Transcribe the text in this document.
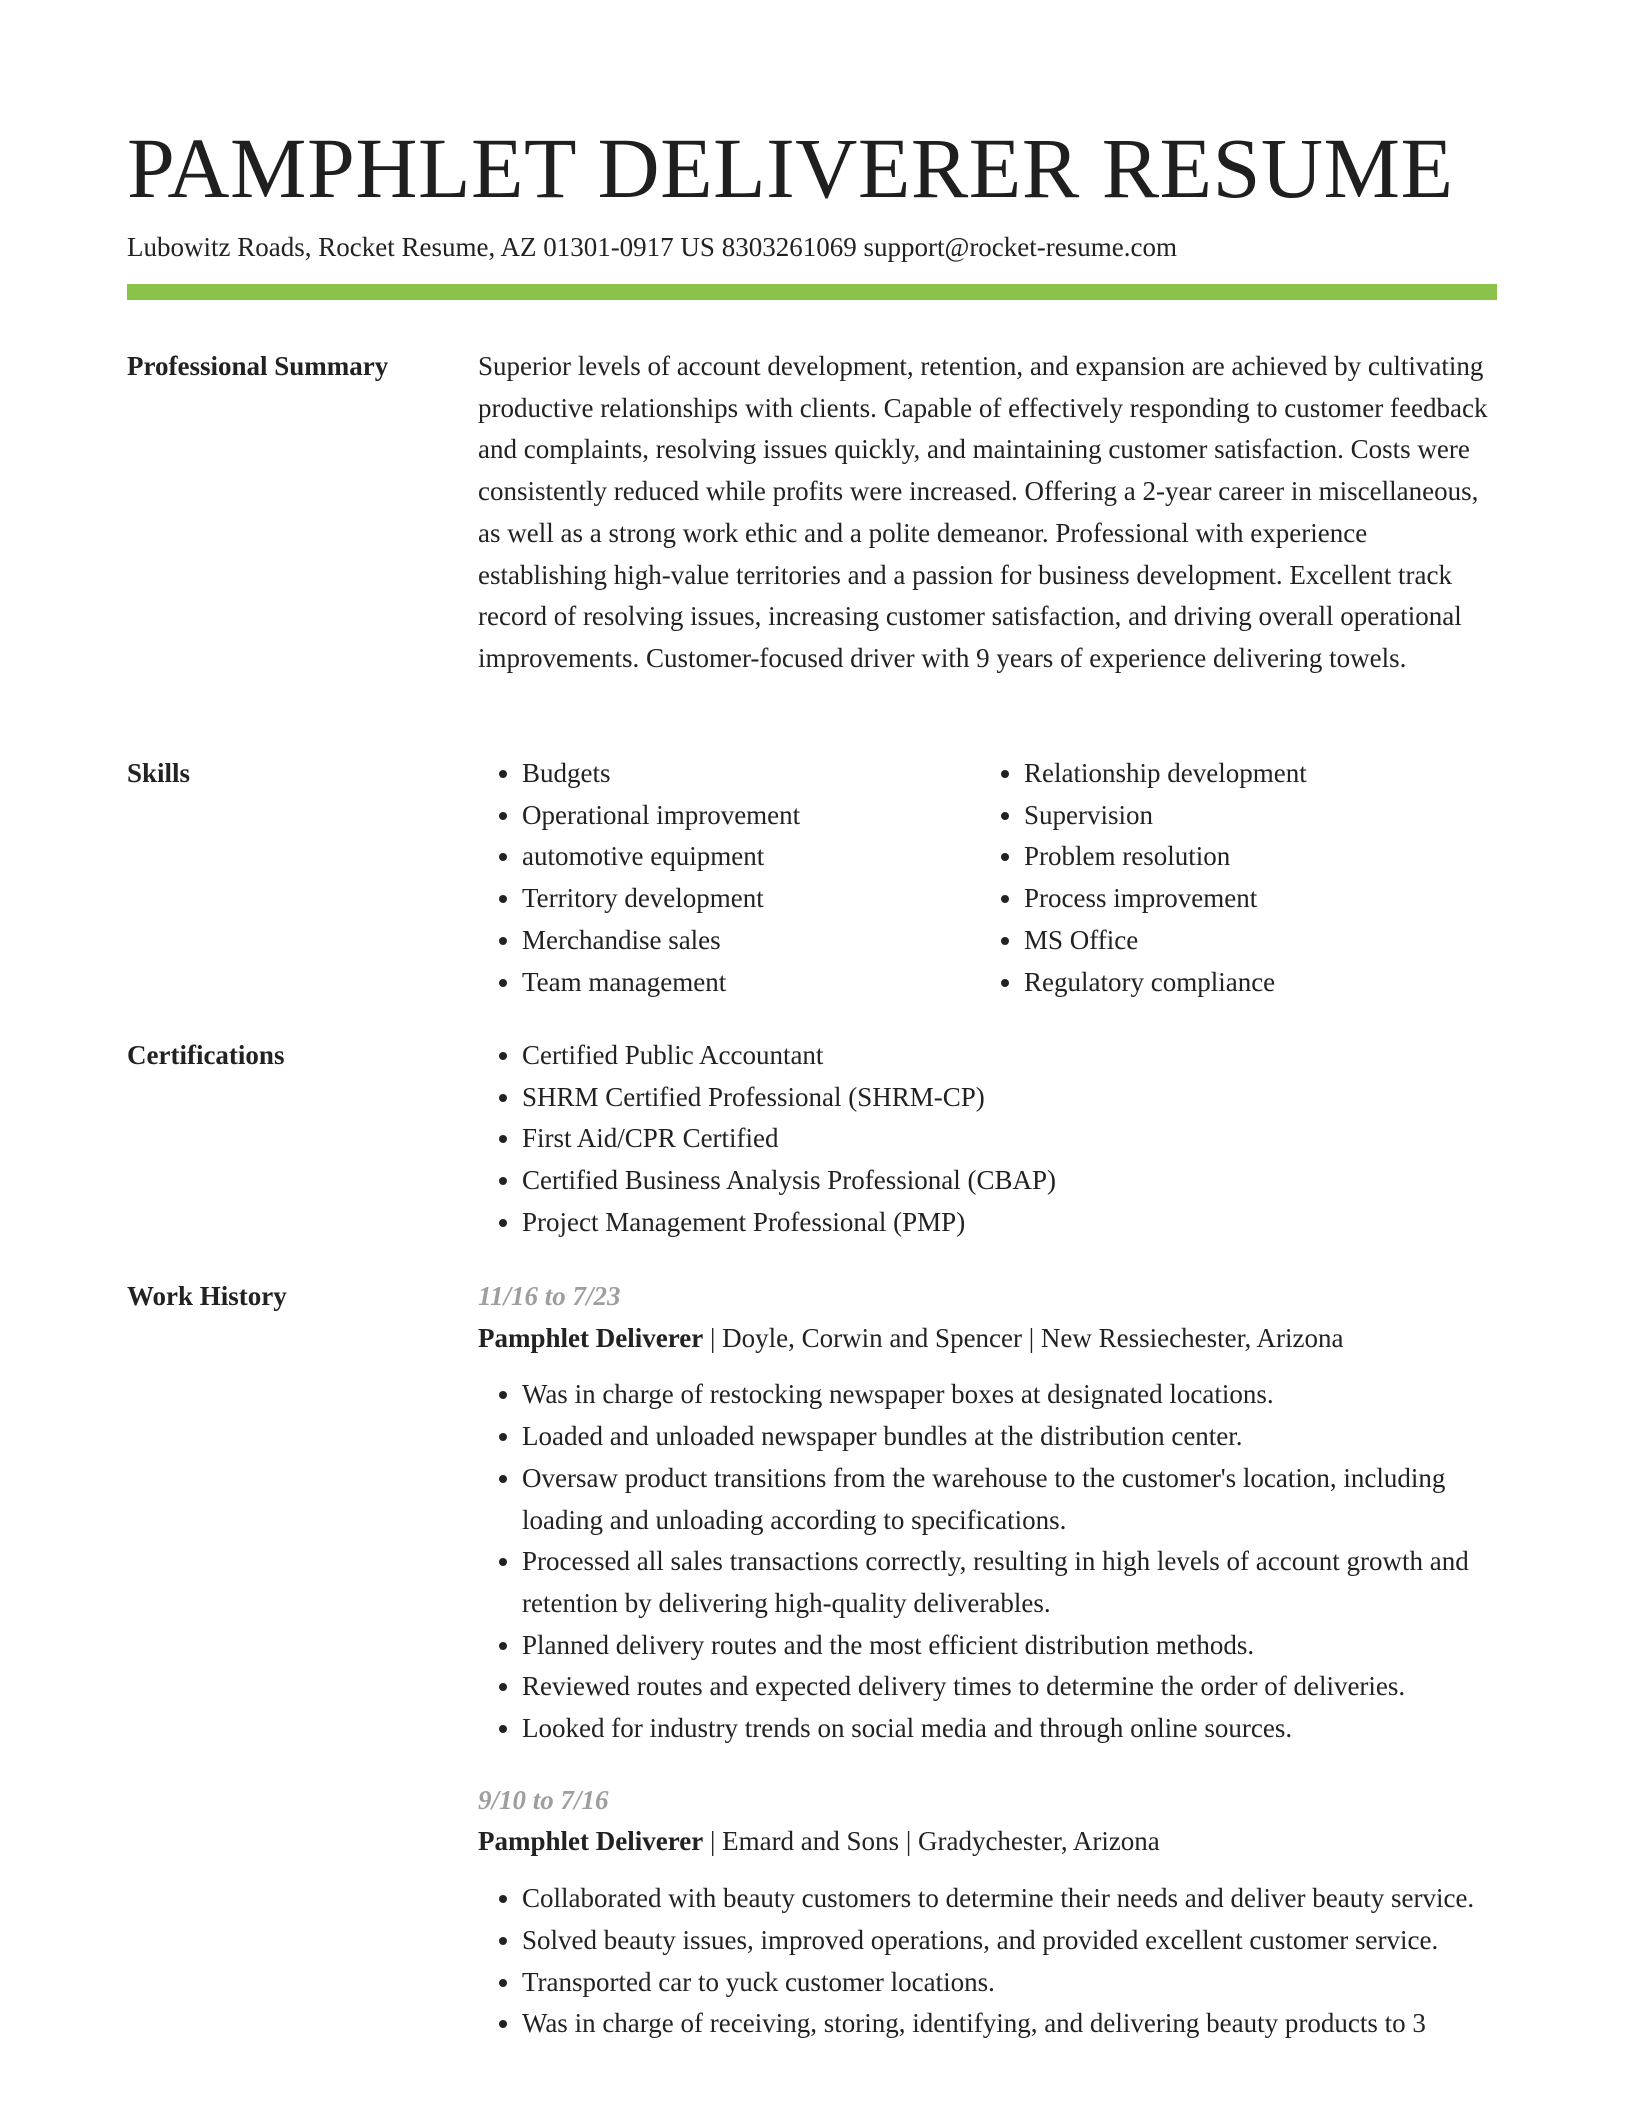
PAMPHLET DELIVERER RESUME
Lubowitz Roads, Rocket Resume, AZ 01301-0917 US 8303261069 support@rocket-resume.com
Professional Summary	Superior levels of account development, retention, and expansion are achieved by cultivating productive relationships with clients. Capable of effectively responding to customer feedback and complaints, resolving issues quickly, and maintaining customer satisfaction. Costs were consistently reduced while profits were increased. Offering a 2-year career in miscellaneous, as well as a strong work ethic and a polite demeanor. Professional with experience establishing high-value territories and a passion for business development. Excellent track record of resolving issues, increasing customer satisfaction, and driving overall operational improvements. Customer-focused driver with 9 years of experience delivering towels.

Skills	• Budgets
• Operational improvement
• automotive equipment
• Territory development
• Merchandise sales
• Team management
• Relationship development
• Supervision
• Problem resolution
• Process improvement
• MS Office
• Regulatory compliance
Certifications	• Certified Public Accountant
• SHRM Certified Professional (SHRM-CP)
• First Aid/CPR Certified
• Certified Business Analysis Professional (CBAP)
• Project Management Professional (PMP)
Work History	11/16 to 7/23
Pamphlet Deliverer | Doyle, Corwin and Spencer | New Ressiechester, Arizona
• Was in charge of restocking newspaper boxes at designated locations.
• Loaded and unloaded newspaper bundles at the distribution center.
• Oversaw product transitions from the warehouse to the customer's location, including loading and unloading according to specifications.
• Processed all sales transactions correctly, resulting in high levels of account growth and retention by delivering high-quality deliverables.
• Planned delivery routes and the most efficient distribution methods.
• Reviewed routes and expected delivery times to determine the order of deliveries.
• Looked for industry trends on social media and through online sources.
9/10 to 7/16
Pamphlet Deliverer | Emard and Sons | Gradychester, Arizona
• Collaborated with beauty customers to determine their needs and deliver beauty service.
• Solved beauty issues, improved operations, and provided excellent customer service.
• Transported car to yuck customer locations.
• Was in charge of receiving, storing, identifying, and delivering beauty products to 3
